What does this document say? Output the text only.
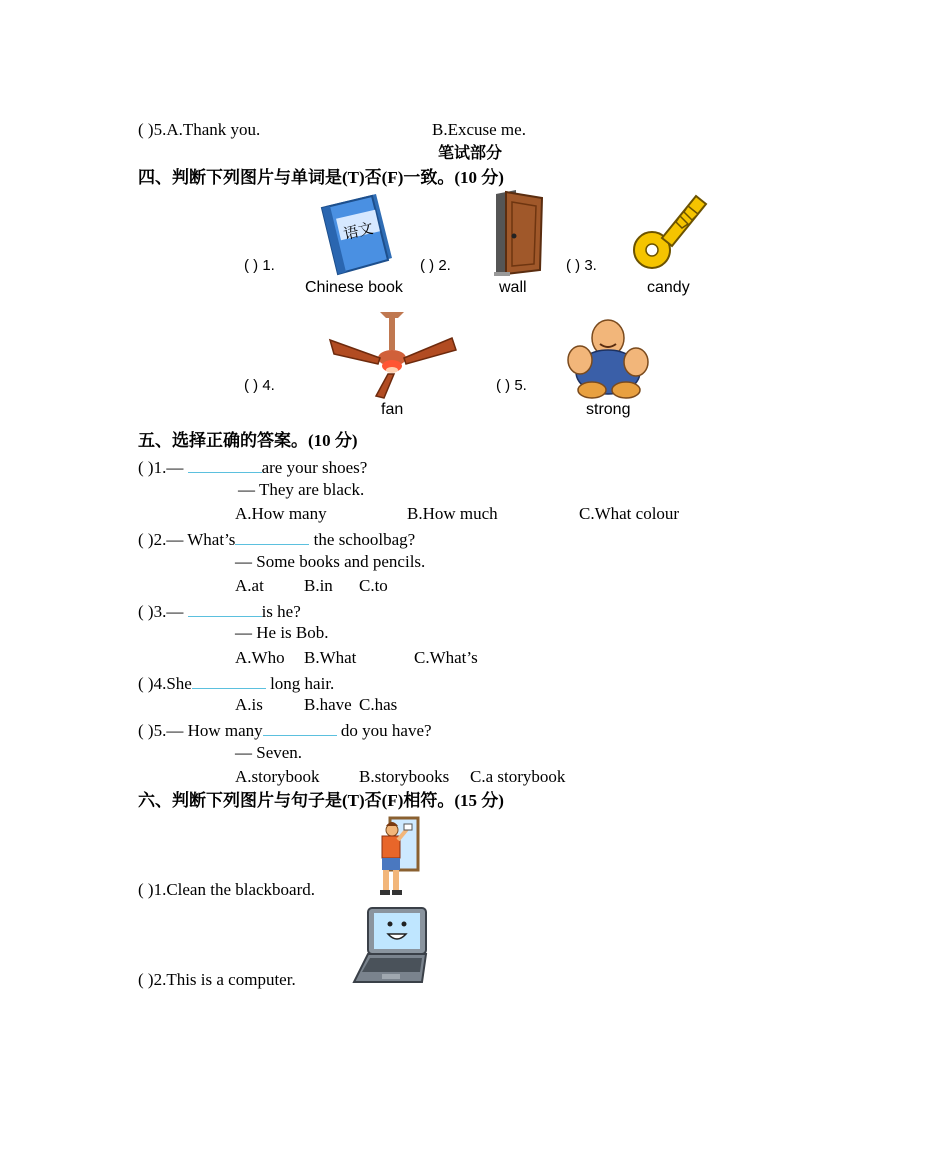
( )5.A.Thank you.	B.Excuse me.
笔试部分
四、判断下列图片与单词是(T)否(F)一致。(10 分)
( ) 1.
语文
Chinese book
( ) 2.
wall
( ) 3.
candy
( ) 4.
fan
( ) 5.
strong
五、选择正确的答案。(10 分)
( )1.—	are your shoes?
— They are black.
A.How many	B.How much	C.What colour
( )2.— What’s	the schoolbag?
— Some books and pencils.
A.at B.in C.to
( )3.—	is he?
— He is Bob.
A.Who B.What	C.What’s
( )4.She	long hair.
A.is B.have C.has
( )5.— How many	do you have?
— Seven.
A.storybook B.storybooks C.a storybook
六、判断下列图片与句子是(T)否(F)相符。(15 分)
( )1.Clean the blackboard.
( )2.This is a computer.
